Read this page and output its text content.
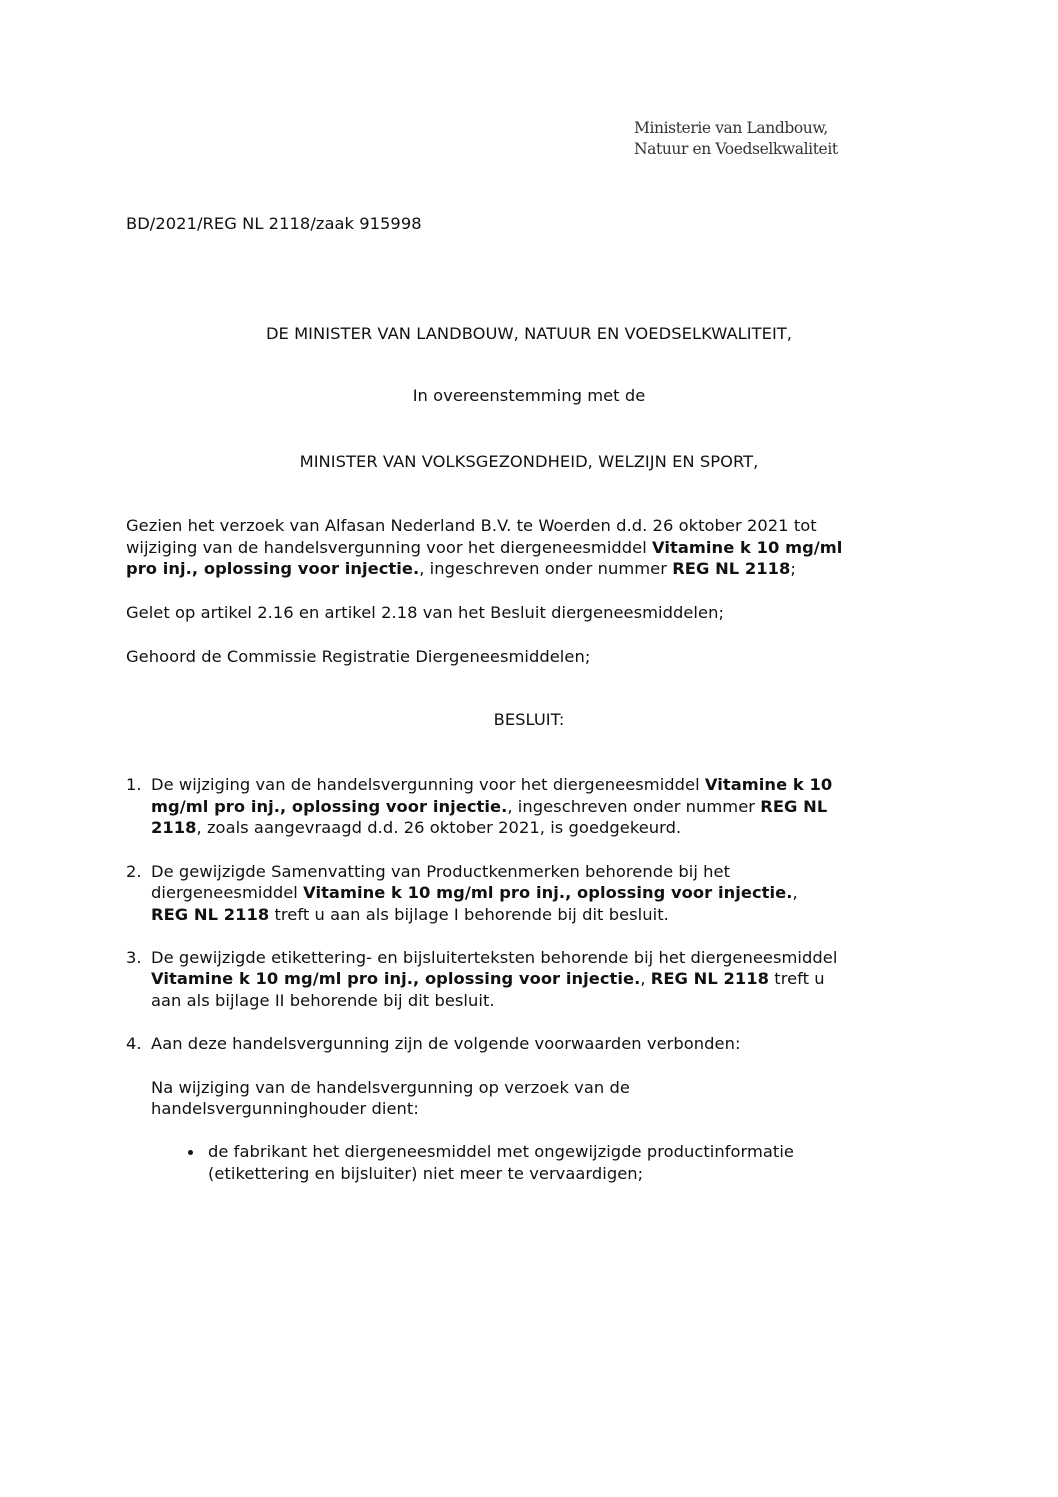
Ministerie van Landbouw,
Natuur en Voedselkwaliteit
BD/2021/REG NL 2118/zaak 915998
DE MINISTER VAN LANDBOUW, NATUUR EN VOEDSELKWALITEIT,
In overeenstemming met de
MINISTER VAN VOLKSGEZONDHEID, WELZIJN EN SPORT,
Gezien het verzoek van Alfasan Nederland B.V. te Woerden d.d. 26 oktober 2021 tot
wijziging van de handelsvergunning voor het diergeneesmiddel Vitamine k 10 mg/ml
pro inj., oplossing voor injectie., ingeschreven onder nummer REG NL 2118;
Gelet op artikel 2.16 en artikel 2.18 van het Besluit diergeneesmiddelen;
Gehoord de Commissie Registratie Diergeneesmiddelen;
BESLUIT:
1. De wijziging van de handelsvergunning voor het diergeneesmiddel Vitamine k 10
mg/ml pro inj., oplossing voor injectie., ingeschreven onder nummer REG NL
2118, zoals aangevraagd d.d. 26 oktober 2021, is goedgekeurd.
2. De gewijzigde Samenvatting van Productkenmerken behorende bij het
diergeneesmiddel Vitamine k 10 mg/ml pro inj., oplossing voor injectie.,
REG NL 2118 treft u aan als bijlage I behorende bij dit besluit.
3. De gewijzigde etikettering- en bijsluiterteksten behorende bij het diergeneesmiddel
Vitamine k 10 mg/ml pro inj., oplossing voor injectie., REG NL 2118 treft u
aan als bijlage II behorende bij dit besluit.
4. Aan deze handelsvergunning zijn de volgende voorwaarden verbonden:
Na wijziging van de handelsvergunning op verzoek van de
handelsvergunninghouder dient:
de fabrikant het diergeneesmiddel met ongewijzigde productinformatie
(etikettering en bijsluiter) niet meer te vervaardigen;
